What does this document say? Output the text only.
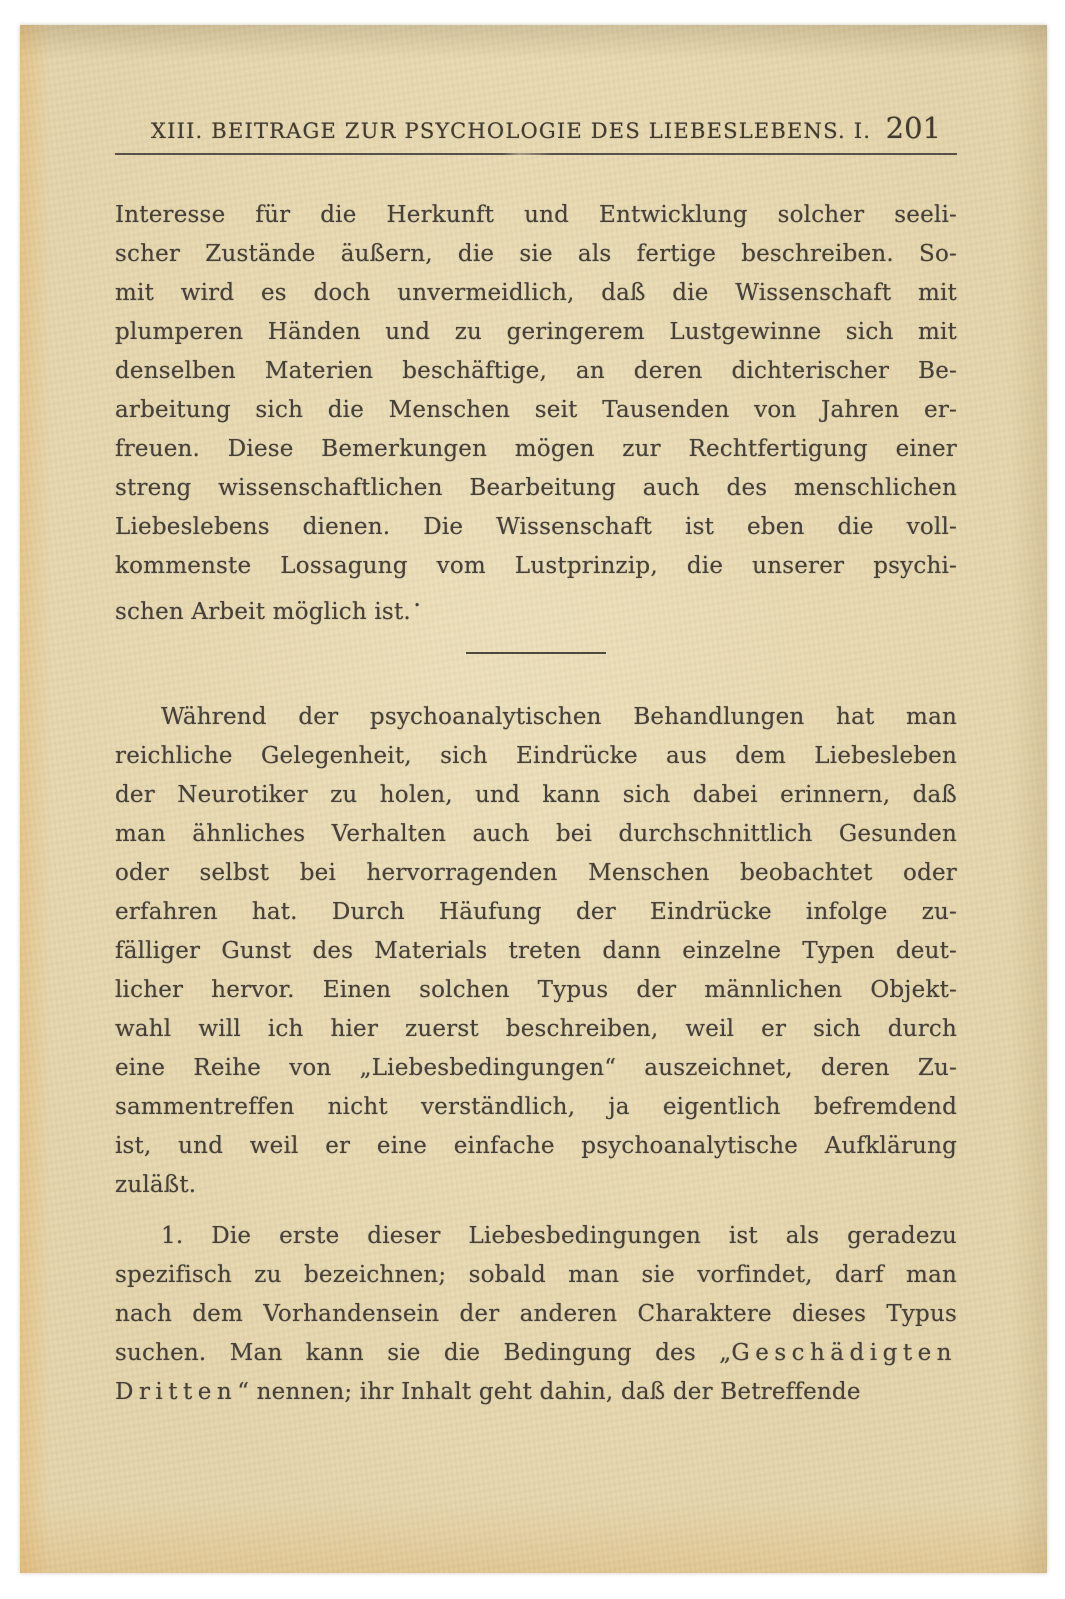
XIII. BEITRAGE ZUR PSYCHOLOGIE DES LIEBESLEBENS. I. 201
Interesse für die Herkunft und Entwicklung solcher seeli-
scher Zustände äußern, die sie als fertige beschreiben. So-
mit wird es doch unvermeidlich, daß die Wissenschaft mit
plumperen Händen und zu geringerem Lustgewinne sich mit
denselben Materien beschäftige, an deren dichterischer Be-
arbeitung sich die Menschen seit Tausenden von Jahren er-
freuen. Diese Bemerkungen mögen zur Rechtfertigung einer
streng wissenschaftlichen Bearbeitung auch des menschlichen
Liebeslebens dienen. Die Wissenschaft ist eben die voll-
kommenste Lossagung vom Lustprinzip, die unserer psychi-
schen Arbeit möglich ist. •
Während der psychoanalytischen Behandlungen hat man
reichliche Gelegenheit, sich Eindrücke aus dem Liebesleben
der Neurotiker zu holen, und kann sich dabei erinnern, daß
man ähnliches Verhalten auch bei durchschnittlich Gesunden
oder selbst bei hervorragenden Menschen beobachtet oder
erfahren hat. Durch Häufung der Eindrücke infolge zu-
fälliger Gunst des Materials treten dann einzelne Typen deut-
licher hervor. Einen solchen Typus der männlichen Objekt-
wahl will ich hier zuerst beschreiben, weil er sich durch
eine Reihe von „Liebesbedingungen“ auszeichnet, deren Zu-
sammentreffen nicht verständlich, ja eigentlich befremdend
ist, und weil er eine einfache psychoanalytische Aufklärung
zuläßt.
1. Die erste dieser Liebesbedingungen ist als geradezu
spezifisch zu bezeichnen; sobald man sie vorfindet, darf man
nach dem Vorhandensein der anderen Charaktere dieses Typus
suchen. Man kann sie die Bedingung des „Geschädigten
Dritten“ nennen; ihr Inhalt geht dahin, daß der Betreffende
